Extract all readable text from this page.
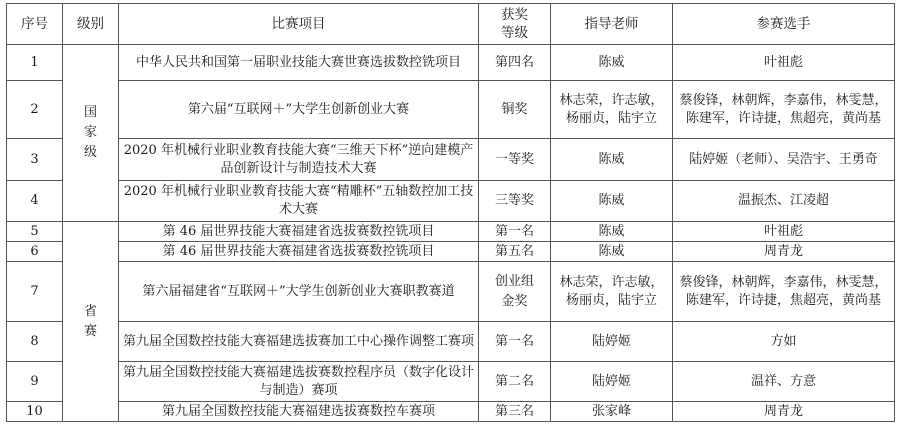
序号	级别	比赛项目	获奖等级	指导老师	参赛选手
1	国家级	中华人民共和国第一届职业技能大赛世赛选拔数控铣项目	第四名	陈威	叶祖彪
2		第六届“互联网＋”大学生创新创业大赛	铜奖	林志荣，许志敏，杨丽贞，陆宇立	蔡俊锋，林朝辉，李嘉伟，林雯慧，陈建军，许诗捷，焦超亮，黄尚基
3		2020 年机械行业职业教育技能大赛“三维天下杯”逆向建模产品创新设计与制造技术大赛	一等奖	陈威	陆婷姬（老师）、吴浩宇、王勇奇
4		2020 年机械行业职业教育技能大赛“精雕杯”五轴数控加工技术大赛	三等奖	陈威	温振杰、江凌超
5	省赛	第 46 届世界技能大赛福建省选拔赛数控铣项目	第一名	陈威	叶祖彪
6		第 46 届世界技能大赛福建省选拔赛数控铣项目	第五名	陈威	周青龙
7		第六届福建省“互联网＋”大学生创新创业大赛职教赛道	创业组金奖	林志荣，许志敏，杨丽贞，陆宇立	蔡俊锋，林朝辉，李嘉伟，林雯慧，陈建军，许诗捷，焦超亮，黄尚基
8		第九届全国数控技能大赛福建选拔赛加工中心操作调整工赛项	第一名	陆婷姬	方如
9		第九届全国数控技能大赛福建选拔赛数控程序员（数字化设计与制造）赛项	第二名	陆婷姬	温祥、方意
10		第九届全国数控技能大赛福建选拔赛数控车赛项	第三名	张家峰	周青龙
